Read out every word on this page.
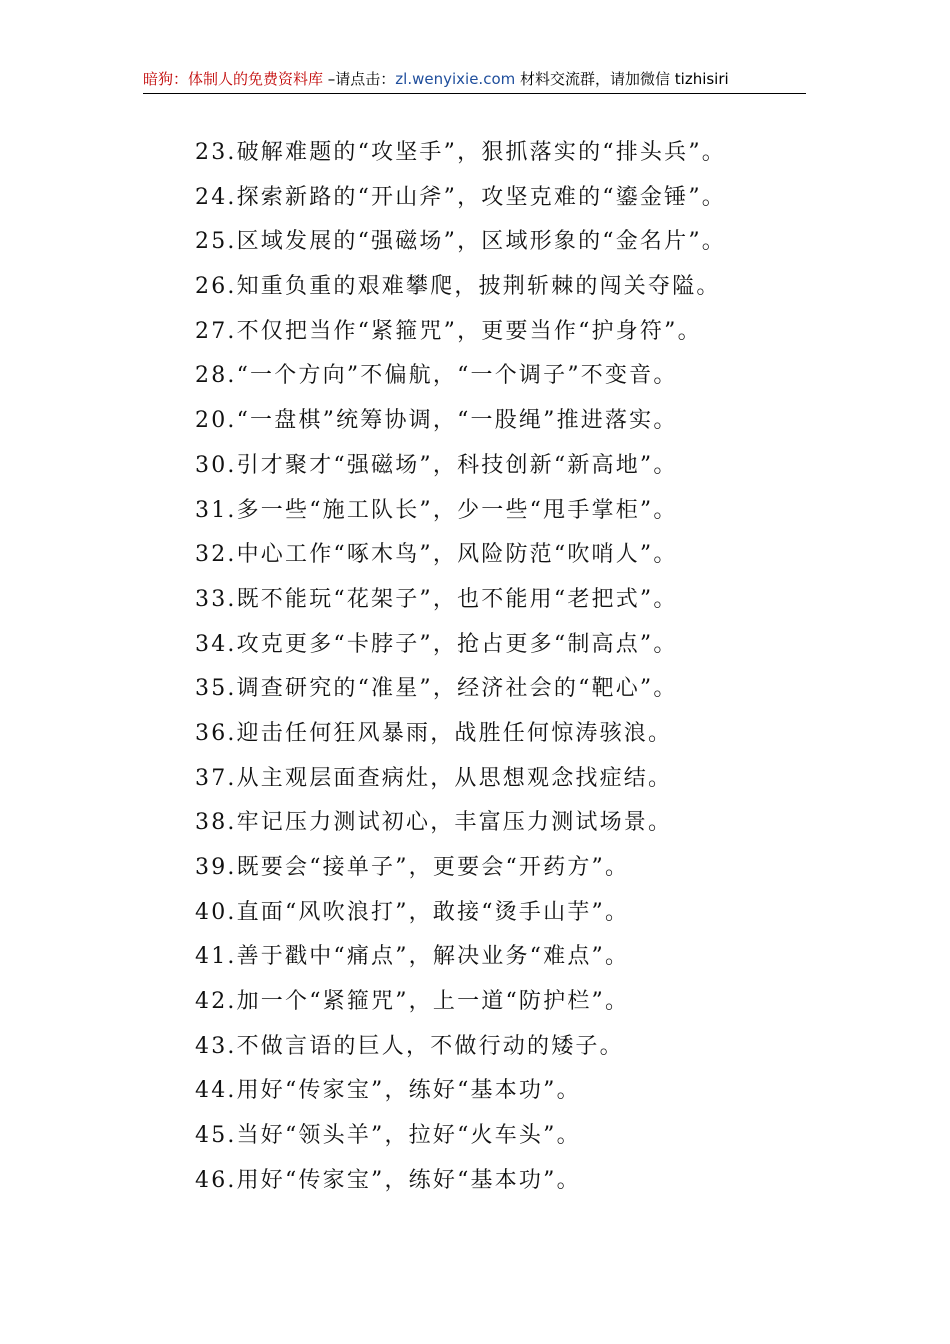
暗狗：体制人的免费资料库 –请点击：zl.wenyixie.com 材料交流群，请加微信 tizhisiri
23.破解难题的“攻坚手”，狠抓落实的“排头兵”。
24.探索新路的“开山斧”，攻坚克难的“鎏金锤”。
25.区域发展的“强磁场”，区域形象的“金名片”。
26.知重负重的艰难攀爬，披荆斩棘的闯关夺隘。
27.不仅把当作“紧箍咒”，更要当作“护身符”。
28.“一个方向”不偏航，“一个调子”不变音。
20.“一盘棋”统筹协调，“一股绳”推进落实。
30.引才聚才“强磁场”，科技创新“新高地”。
31.多一些“施工队长”，少一些“甩手掌柜”。
32.中心工作“啄木鸟”，风险防范“吹哨人”。
33.既不能玩“花架子”，也不能用“老把式”。
34.攻克更多“卡脖子”，抢占更多“制高点”。
35.调查研究的“准星”，经济社会的“靶心”。
36.迎击任何狂风暴雨，战胜任何惊涛骇浪。
37.从主观层面查病灶，从思想观念找症结。
38.牢记压力测试初心，丰富压力测试场景。
39.既要会“接单子”，更要会“开药方”。
40.直面“风吹浪打”，敢接“烫手山芋”。
41.善于戳中“痛点”，解决业务“难点”。
42.加一个“紧箍咒”，上一道“防护栏”。
43.不做言语的巨人，不做行动的矮子。
44.用好“传家宝”，练好“基本功”。
45.当好“领头羊”，拉好“火车头”。
46.用好“传家宝”，练好“基本功”。
